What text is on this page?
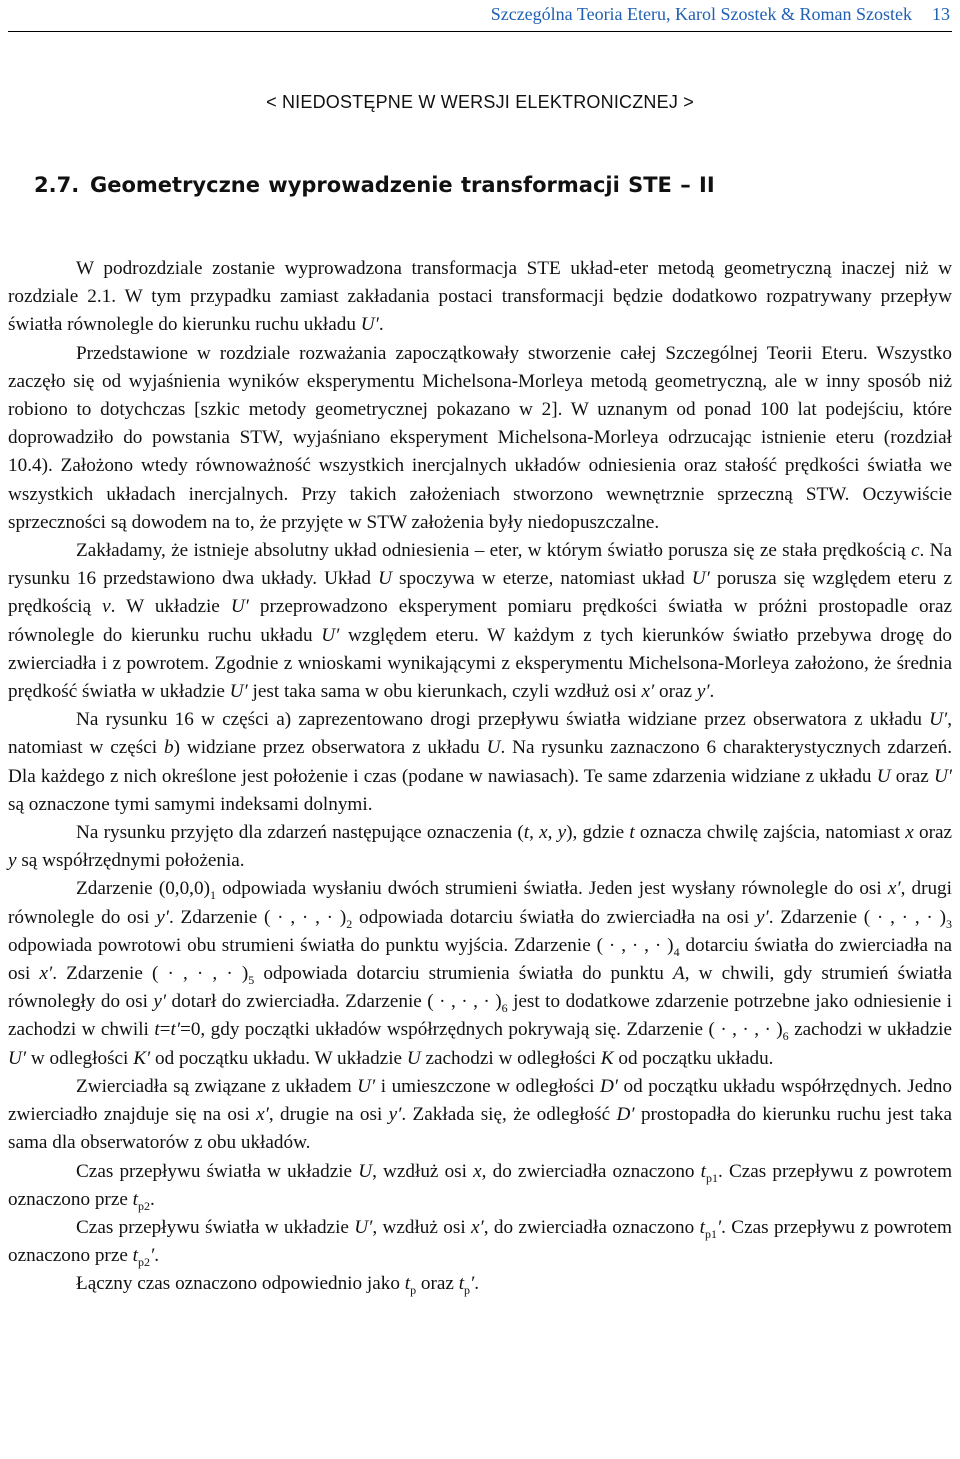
Szczególna Teoria Eteru, Karol Szostek & Roman Szostek 13
< NIEDOSTĘPNE W WERSJI ELEKTRONICZNEJ >
2.7. Geometryczne wyprowadzenie transformacji STE – II

W podrozdziale zostanie wyprowadzona transformacja STE układ-eter metodą geometryczną inaczej niż w rozdziale 2.1. W tym przypadku zamiast zakładania postaci transformacji będzie dodatkowo rozpatrywany przepływ światła równolegle do kierunku ruchu układu U′.

Przedstawione w rozdziale rozważania zapoczątkowały stworzenie całej Szczególnej Teorii Eteru. Wszystko zaczęło się od wyjaśnienia wyników eksperymentu Michelsona-Morleya metodą geometryczną, ale w inny sposób niż robiono to dotychczas [szkic metody geometrycznej pokazano w 2]. W uznanym od ponad 100 lat podejściu, które doprowadziło do powstania STW, wyjaśniano eksperyment Michelsona-Morleya odrzucając istnienie eteru (rozdział 10.4). Założono wtedy równoważność wszystkich inercjalnych układów odniesienia oraz stałość prędkości światła we wszystkich układach inercjalnych. Przy takich założeniach stworzono wewnętrznie sprzeczną STW. Oczywiście sprzeczności są dowodem na to, że przyjęte w STW założenia były niedopuszczalne.

Zakładamy, że istnieje absolutny układ odniesienia – eter, w którym światło porusza się ze stała prędkością c. Na rysunku 16 przedstawiono dwa układy. Układ U spoczywa w eterze, natomiast układ U′ porusza się względem eteru z prędkością v. W układzie U′ przeprowadzono eksperyment pomiaru prędkości światła w próżni prostopadle oraz równolegle do kierunku ruchu układu U′ względem eteru. W każdym z tych kierunków światło przebywa drogę do zwierciadła i z powrotem. Zgodnie z wnioskami wynikającymi z eksperymentu Michelsona-Morleya założono, że średnia prędkość światła w układzie U′ jest taka sama w obu kierunkach, czyli wzdłuż osi x′ oraz y′.

Na rysunku 16 w części a) zaprezentowano drogi przepływu światła widziane przez obserwatora z układu U′, natomiast w części b) widziane przez obserwatora z układu U. Na rysunku zaznaczono 6 charakterystycznych zdarzeń. Dla każdego z nich określone jest położenie i czas (podane w nawiasach). Te same zdarzenia widziane z układu U oraz U′ są oznaczone tymi samymi indeksami dolnymi.

Na rysunku przyjęto dla zdarzeń następujące oznaczenia (t, x, y), gdzie t oznacza chwilę zajścia, natomiast x oraz y są współrzędnymi położenia.

Zdarzenie $(0,0,0)_1$ odpowiada wysłaniu dwóch strumieni światła. Jeden jest wysłany równolegle do osi x′, drugi równolegle do osi y′. Zdarzenie ( · , · , · )$_2$ odpowiada dotarciu światła do zwierciadła na osi y′. Zdarzenie ( · , · , · )$_3$ odpowiada powrotowi obu strumieni światła do punktu wyjścia. Zdarzenie ( · , · , · )$_4$ dotarciu światła do zwierciadła na osi x′. Zdarzenie ( · , · , · )$_5$ odpowiada dotarciu strumienia światła do punktu A, w chwili, gdy strumień światła równoległy do osi y′ dotarł do zwierciadła. Zdarzenie ( · , · , · )$_6$ jest to dodatkowe zdarzenie potrzebne jako odniesienie i zachodzi w chwili t=t′=0, gdy początki układów współrzędnych pokrywają się. Zdarzenie ( · , · , · )$_6$ zachodzi w układzie U′ w odległości K′ od początku układu. W układzie U zachodzi w odległości K od początku układu.

Zwierciadła są związane z układem U′ i umieszczone w odległości D′ od początku układu współrzędnych. Jedno zwierciadło znajduje się na osi x′, drugie na osi y′. Zakłada się, że odległość D′ prostopadła do kierunku ruchu jest taka sama dla obserwatorów z obu układów.

Czas przepływu światła w układzie U, wzdłuż osi x, do zwierciadła oznaczono $t_{p1}$. Czas przepływu z powrotem oznaczono prze $t_{p2}$.

Czas przepływu światła w układzie U′, wzdłuż osi x′, do zwierciadła oznaczono $t_{p1}'$. Czas przepływu z powrotem oznaczono prze $t_{p2}'$.

Łączny czas oznaczono odpowiednio jako $t_p$ oraz $t_p'$.
